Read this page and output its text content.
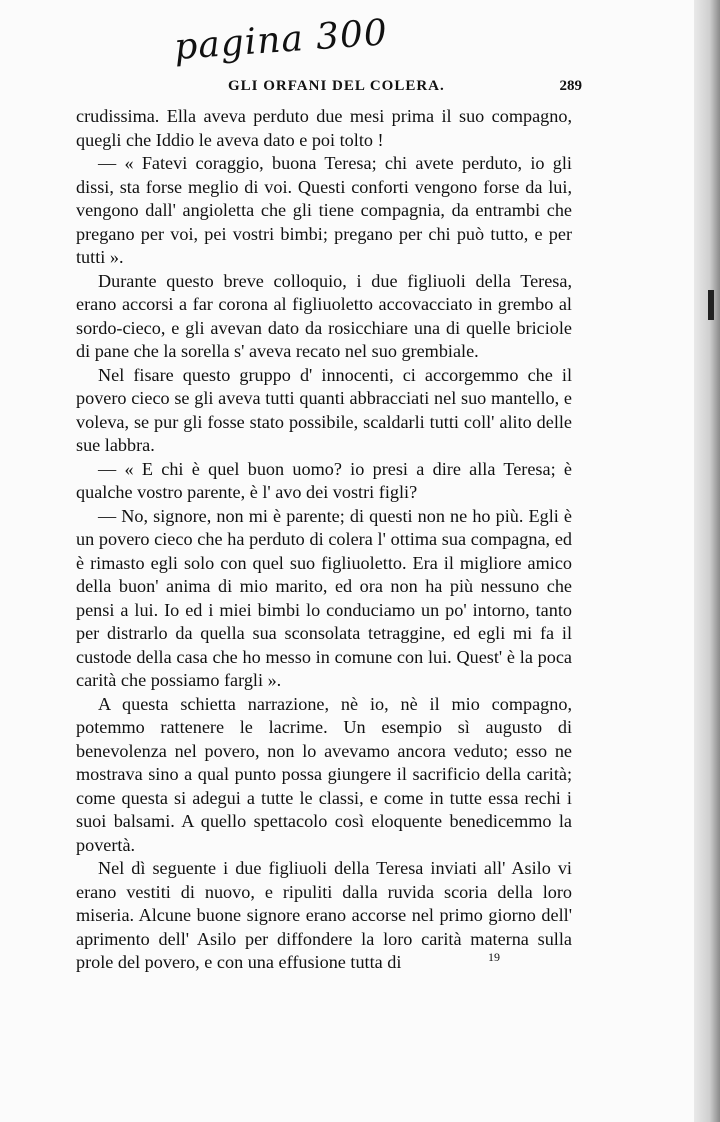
pagina 300
GLI ORFANI DEL COLERA.	289

crudissima. Ella aveva perduto due mesi prima il suo compagno, quegli che Iddio le aveva dato e poi tolto !

— « Fatevi coraggio, buona Teresa; chi avete perduto, io gli dissi, sta forse meglio di voi. Questi conforti vengono forse da lui, vengono dall' angioletta che gli tiene compagnia, da entrambi che pregano per voi, pei vostri bimbi; pregano per chi può tutto, e per tutti ».

Durante questo breve colloquio, i due figliuoli della Teresa, erano accorsi a far corona al figliuoletto accovacciato in grembo al sordo-cieco, e gli avevan dato da rosicchiare una di quelle briciole di pane che la sorella s' aveva recato nel suo grembiale.

Nel fisare questo gruppo d' innocenti, ci accorgemmo che il povero cieco se gli aveva tutti quanti abbracciati nel suo mantello, e voleva, se pur gli fosse stato possibile, scaldarli tutti coll' alito delle sue labbra.

— « E chi è quel buon uomo? io presi a dire alla Teresa; è qualche vostro parente, è l' avo dei vostri figli?

— No, signore, non mi è parente; di questi non ne ho più. Egli è un povero cieco che ha perduto di colera l' ottima sua compagna, ed è rimasto egli solo con quel suo figliuoletto. Era il migliore amico della buon' anima di mio marito, ed ora non ha più nessuno che pensi a lui. Io ed i miei bimbi lo conduciamo un po' intorno, tanto per distrarlo da quella sua sconsolata tetraggine, ed egli mi fa il custode della casa che ho messo in comune con lui. Quest' è la poca carità che possiamo fargli ».

A questa schietta narrazione, nè io, nè il mio compagno, potemmo rattenere le lacrime. Un esempio sì augusto di benevolenza nel povero, non lo avevamo ancora veduto; esso ne mostrava sino a qual punto possa giungere il sacrificio della carità; come questa si adegui a tutte le classi, e come in tutte essa rechi i suoi balsami. A quello spettacolo così eloquente benedicemmo la povertà.

Nel dì seguente i due figliuoli della Teresa inviati all' Asilo vi erano vestiti di nuovo, e ripuliti dalla ruvida scoria della loro miseria. Alcune buone signore erano accorse nel primo giorno dell' aprimento dell' Asilo per diffondere la loro carità materna sulla prole del povero, e con una effusione tutta di	19
